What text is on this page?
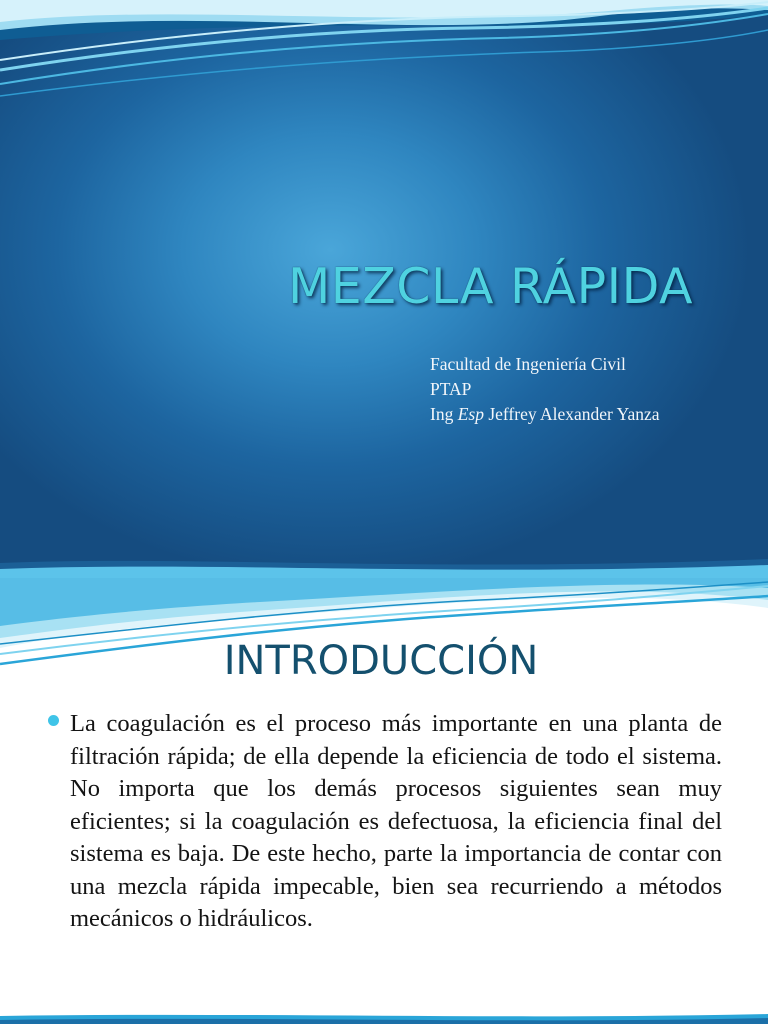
MEZCLA RÁPIDA
Facultad de Ingeniería Civil
PTAP
Ing Esp Jeffrey Alexander Yanza
INTRODUCCIÓN

La coagulación es el proceso más importante en una planta de filtración rápida; de ella depende la eficiencia de todo el sistema. No importa que los demás procesos siguientes sean muy eficientes; si la coagulación es defectuosa, la eficiencia final del sistema es baja. De este hecho, parte la importancia de contar con una mezcla rápida impecable, bien sea recurriendo a métodos mecánicos o hidráulicos.
